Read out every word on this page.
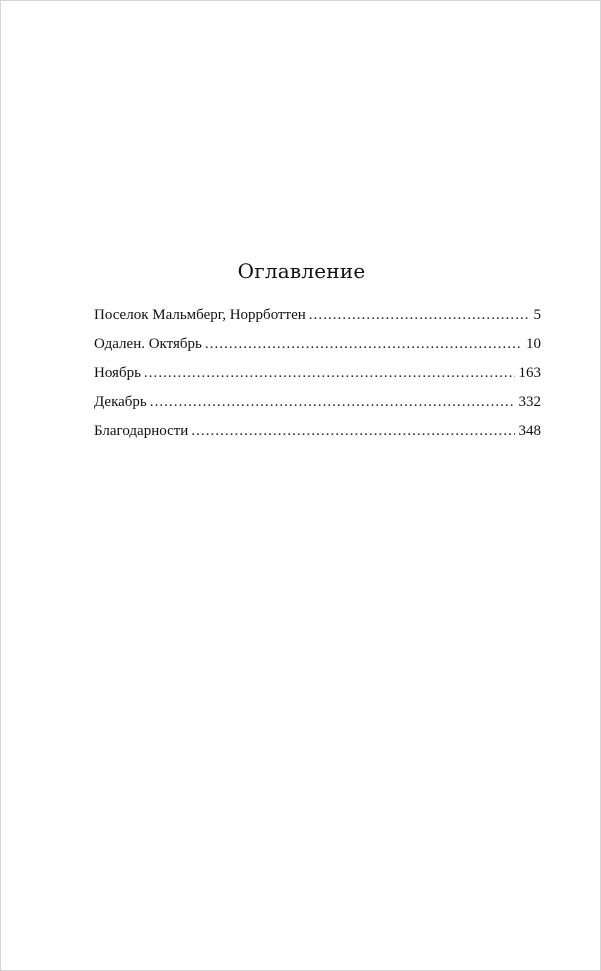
Оглавление
Поселок Мальмберг, Норрботтен . . .	5
Одален. Октябрь . . .	10
Ноябрь . . .	163
Декабрь . . .	332
Благодарности . . .	348
